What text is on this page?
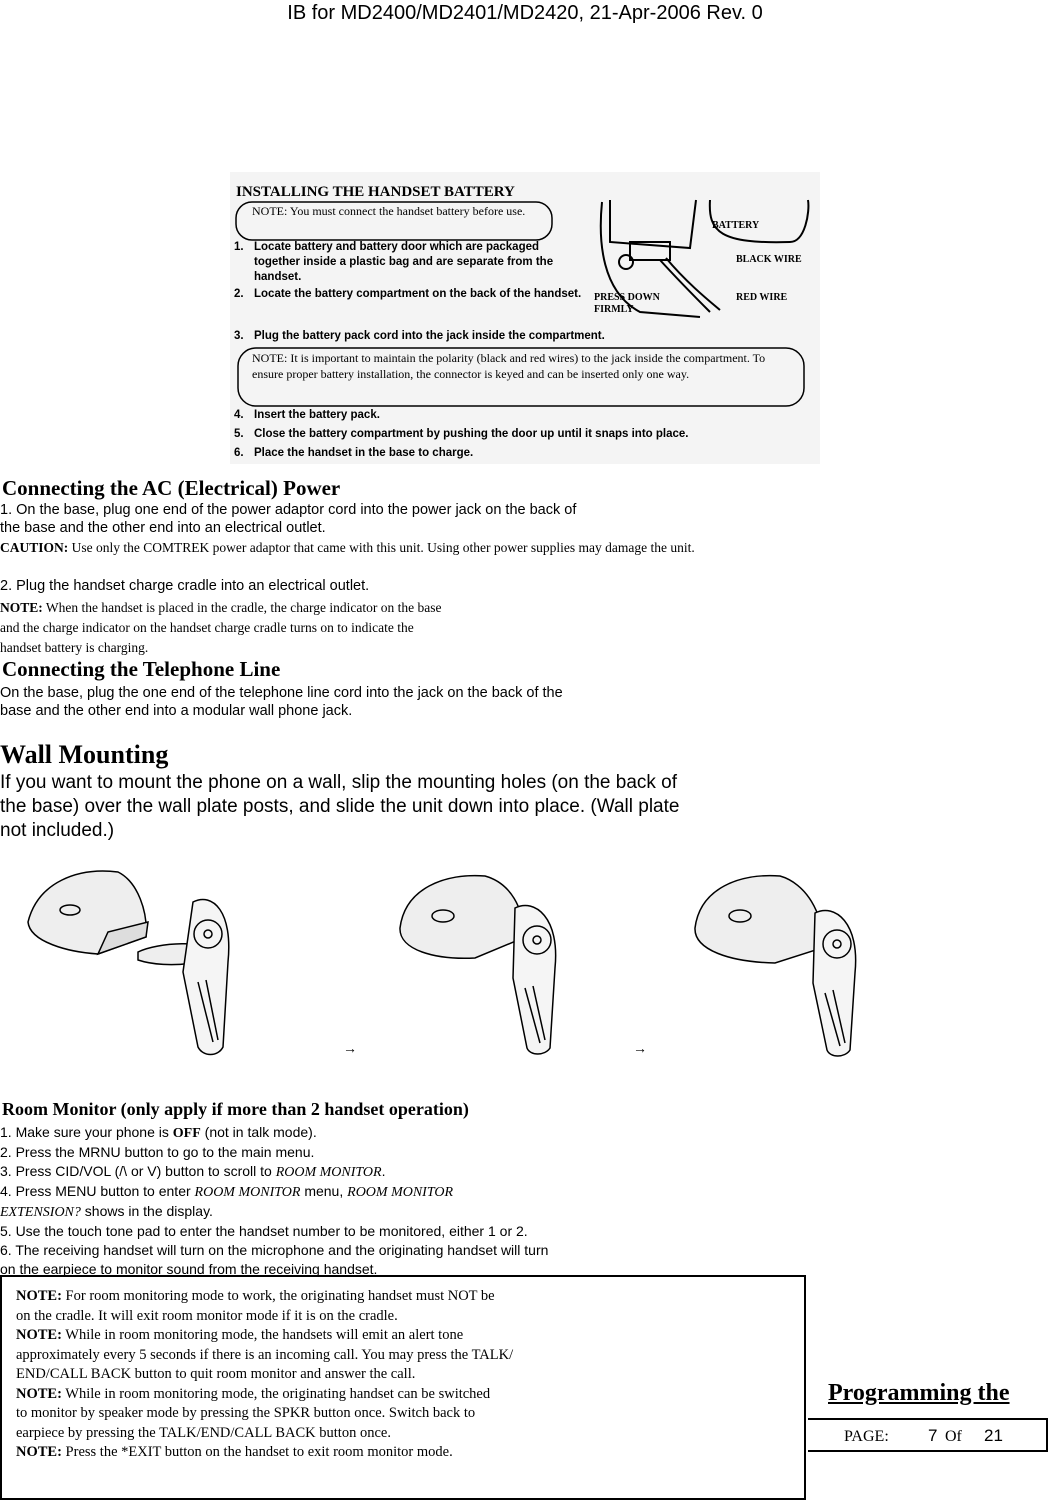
IB for MD2400/MD2401/MD2420, 21-Apr-2006 Rev. 0
INSTALLING THE HANDSET BATTERY
NOTE: You must connect the handset battery before use.
1. Locate battery and battery door which are packaged together inside a plastic bag and are separate from the handset.
2. Locate the battery compartment on the back of the handset.
3. Plug the battery pack cord into the jack inside the compartment.
NOTE: It is important to maintain the polarity (black and red wires) to the jack inside the compartment. To ensure proper battery installation, the connector is keyed and can be inserted only one way.
4. Insert the battery pack.
5. Close the battery compartment by pushing the door up until it snaps into place.
6. Place the handset in the base to charge.
BATTERY
BLACK WIRE
RED WIRE
PRESS DOWN
FIRMLY
Connecting the AC (Electrical) Power
1. On the base, plug one end of the power adaptor cord into the power jack on the back of
the base and the other end into an electrical outlet.
CAUTION: Use only the COMTREK power adaptor that came with this unit. Using other power supplies may damage the unit.
2. Plug the handset charge cradle into an electrical outlet.
NOTE: When the handset is placed in the cradle, the charge indicator on the base
and the charge indicator on the handset charge cradle turns on to indicate the
handset battery is charging.
Connecting the Telephone Line
On the base, plug the one end of the telephone line cord into the jack on the back of the
base and the other end into a modular wall phone jack.
Wall Mounting
If you want to mount the phone on a wall, slip the mounting holes (on the back of
the base) over the wall plate posts, and slide the unit down into place. (Wall plate
not included.)
→	→
Room Monitor (only apply if more than 2 handset operation)
1. Make sure your phone is OFF (not in talk mode).
2. Press the MRNU button to go to the main menu.
3. Press CID/VOL (/\ or V) button to scroll to ROOM MONITOR.
4. Press MENU button to enter ROOM MONITOR menu, ROOM MONITOR
EXTENSION? shows in the display.
5. Use the touch tone pad to enter the handset number to be monitored, either 1 or 2.
6. The receiving handset will turn on the microphone and the originating handset will turn
on the earpiece to monitor sound from the receiving handset.
NOTE: For room monitoring mode to work, the originating handset must NOT be
on the cradle. It will exit room monitor mode if it is on the cradle.
NOTE: While in room monitoring mode, the handsets will emit an alert tone
approximately every 5 seconds if there is an incoming call. You may press the TALK/
END/CALL BACK button to quit room monitor and answer the call.
NOTE: While in room monitoring mode, the originating handset can be switched
to monitor by speaker mode by pressing the SPKR button once. Switch back to
earpiece by pressing the TALK/END/CALL BACK button once.
NOTE: Press the *EXIT button on the handset to exit room monitor mode.
Programming the
PAGE: 7 Of 21
